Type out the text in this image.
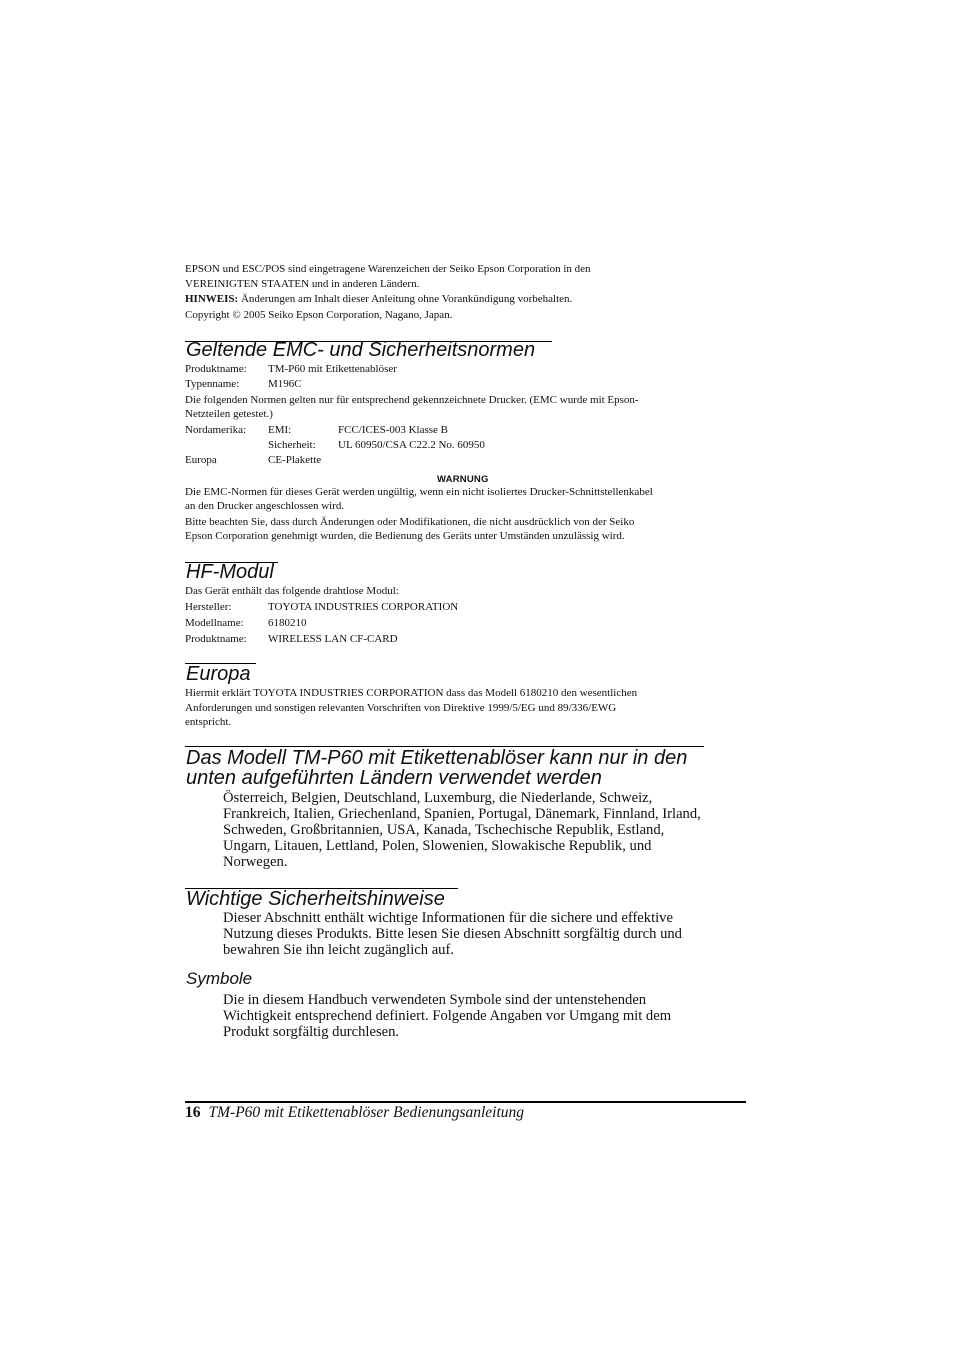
EPSON und ESC/POS sind eingetragene Warenzeichen der Seiko Epson Corporation in den
VEREINIGTEN STAATEN und in anderen Ländern.
HINWEIS: Änderungen am Inhalt dieser Anleitung ohne Vorankündigung vorbehalten.
Copyright © 2005 Seiko Epson Corporation, Nagano, Japan.
Geltende EMC- und Sicherheitsnormen
Produktname: TM-P60 mit Etikettenablöser
Typenname:	M196C
Die folgenden Normen gelten nur für entsprechend gekennzeichnete Drucker. (EMC wurde mit Epson-
Netzteilen getestet.)
Nordamerika: EMI:	FCC/ICES-003 Klasse B
Sicherheit: UL 60950/CSA C22.2 No. 60950
Europa	CE-Plakette
WARNUNG
Die EMC-Normen für dieses Gerät werden ungültig, wenn ein nicht isoliertes Drucker-Schnittstellenkabel
an den Drucker angeschlossen wird.
Bitte beachten Sie, dass durch Änderungen oder Modifikationen, die nicht ausdrücklich von der Seiko
Epson Corporation genehmigt wurden, die Bedienung des Geräts unter Umständen unzulässig wird.
HF-Modul
Das Gerät enthält das folgende drahtlose Modul:
Hersteller:	TOYOTA INDUSTRIES CORPORATION
Modellname: 6180210
Produktname: WIRELESS LAN CF-CARD
Europa
Hiermit erklärt TOYOTA INDUSTRIES CORPORATION dass das Modell 6180210 den wesentlichen
Anforderungen und sonstigen relevanten Vorschriften von Direktive 1999/5/EG und 89/336/EWG
entspricht.
Das Modell TM-P60 mit Etikettenablöser kann nur in den
unten aufgeführten Ländern verwendet werden
Österreich, Belgien, Deutschland, Luxemburg, die Niederlande, Schweiz,
Frankreich, Italien, Griechenland, Spanien, Portugal, Dänemark, Finnland, Irland,
Schweden, Großbritannien, USA, Kanada, Tschechische Republik, Estland,
Ungarn, Litauen, Lettland, Polen, Slowenien, Slowakische Republik, und
Norwegen.
Wichtige Sicherheitshinweise
Dieser Abschnitt enthält wichtige Informationen für die sichere und effektive
Nutzung dieses Produkts. Bitte lesen Sie diesen Abschnitt sorgfältig durch und
bewahren Sie ihn leicht zugänglich auf.
Symbole
Die in diesem Handbuch verwendeten Symbole sind der untenstehenden
Wichtigkeit entsprechend definiert. Folgende Angaben vor Umgang mit dem
Produkt sorgfältig durchlesen.
16 TM-P60 mit Etikettenablöser Bedienungsanleitung
